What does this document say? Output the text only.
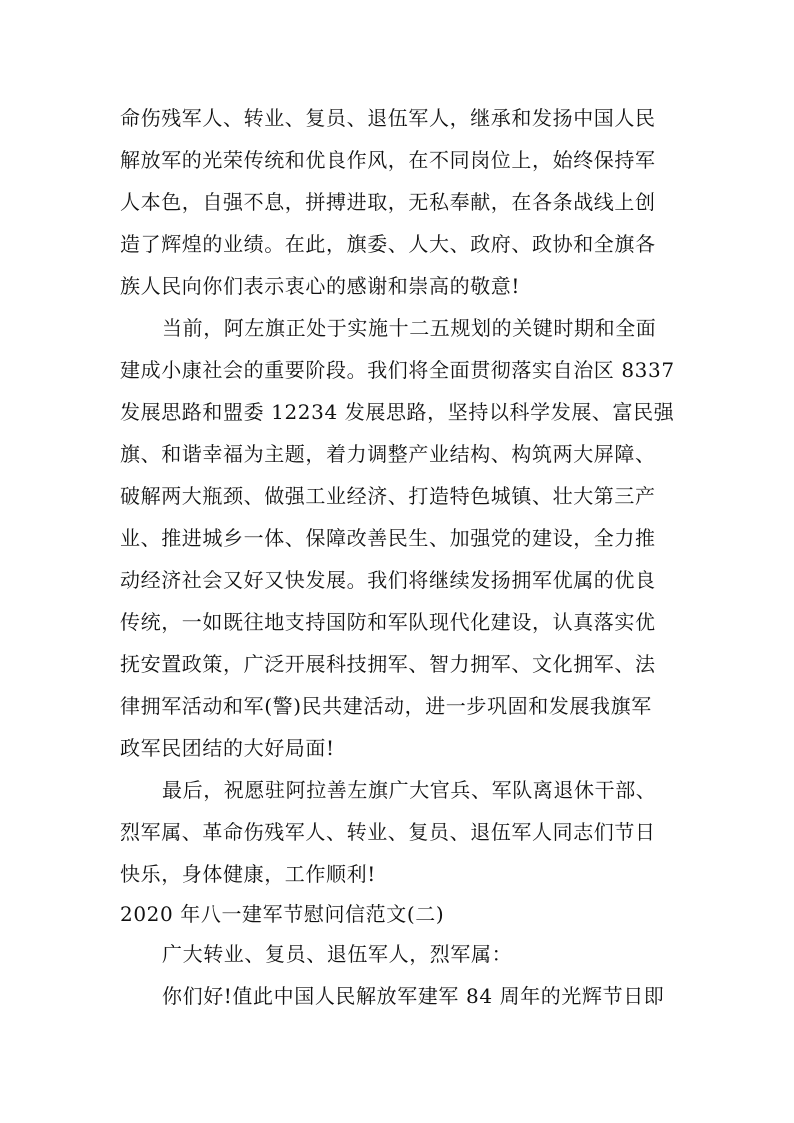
命伤残军人、转业、复员、退伍军人，继承和发扬中国人民
解放军的光荣传统和优良作风，在不同岗位上，始终保持军
人本色，自强不息，拼搏进取，无私奉献，在各条战线上创
造了辉煌的业绩。在此，旗委、人大、政府、政协和全旗各
族人民向你们表示衷心的感谢和崇高的敬意!
当前，阿左旗正处于实施十二五规划的关键时期和全面
建成小康社会的重要阶段。我们将全面贯彻落实自治区 8337
发展思路和盟委 12234 发展思路，坚持以科学发展、富民强
旗、和谐幸福为主题，着力调整产业结构、构筑两大屏障、
破解两大瓶颈、做强工业经济、打造特色城镇、壮大第三产
业、推进城乡一体、保障改善民生、加强党的建设，全力推
动经济社会又好又快发展。我们将继续发扬拥军优属的优良
传统，一如既往地支持国防和军队现代化建设，认真落实优
抚安置政策，广泛开展科技拥军、智力拥军、文化拥军、法
律拥军活动和军(警)民共建活动，进一步巩固和发展我旗军
政军民团结的大好局面!
最后，祝愿驻阿拉善左旗广大官兵、军队离退休干部、
烈军属、革命伤残军人、转业、复员、退伍军人同志们节日
快乐，身体健康，工作顺利!
2020 年八一建军节慰问信范文(二)
广大转业、复员、退伍军人，烈军属：
你们好!值此中国人民解放军建军 84 周年的光辉节日即
